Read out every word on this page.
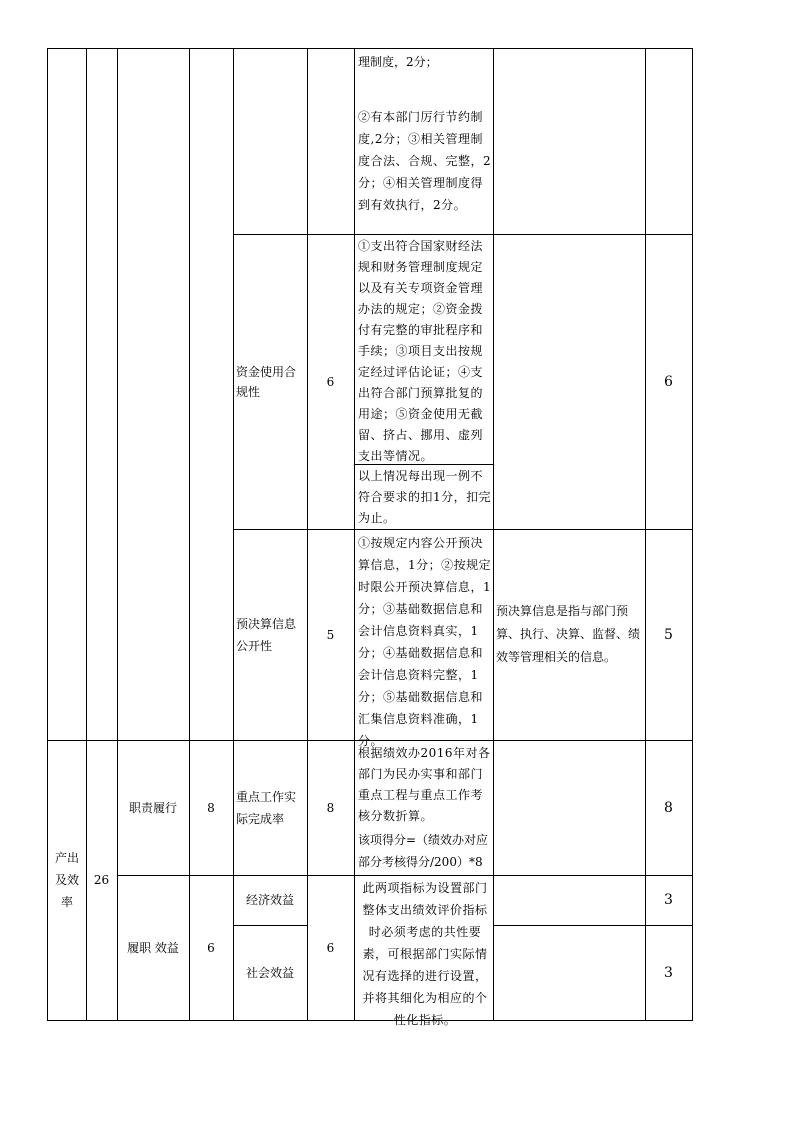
理制度，2分；
②有本部门厉行节约制度,2分；③相关管理制度合法、合规、完整，2分；④相关管理制度得到有效执行，2分。
资金使用合规性
6
①支出符合国家财经法规和财务管理制度规定以及有关专项资金管理办法的规定；②资金拨付有完整的审批程序和手续；③项目支出按规定经过评估论证；④支出符合部门预算批复的用途；⑤资金使用无截留、挤占、挪用、虚列支出等情况。
以上情况每出现一例不符合要求的扣1分，扣完为止。
6
预决算信息公开性
5
①按规定内容公开预决算信息，1分；②按规定时限公开预决算信息，1分；③基础数据信息和会计信息资料真实，1分；④基础数据信息和会计信息资料完整，1分；⑤基础数据信息和汇集信息资料准确，1分。
预决算信息是指与部门预算、执行、决算、监督、绩效等管理相关的信息。
5
产出及效率
26
职责履行	8
重点工作实际完成率
8
根据绩效办2016年对各部门为民办实事和部门重点工程与重点工作考核分数折算。
该项得分=（绩效办对应部分考核得分/200）*8
8
履职 效益	6
经济效益
社会效益
6
此两项指标为设置部门整体支出绩效评价指标时必须考虑的共性要素，可根据部门实际情况有选择的进行设置，并将其细化为相应的个性化指标。
3
3
